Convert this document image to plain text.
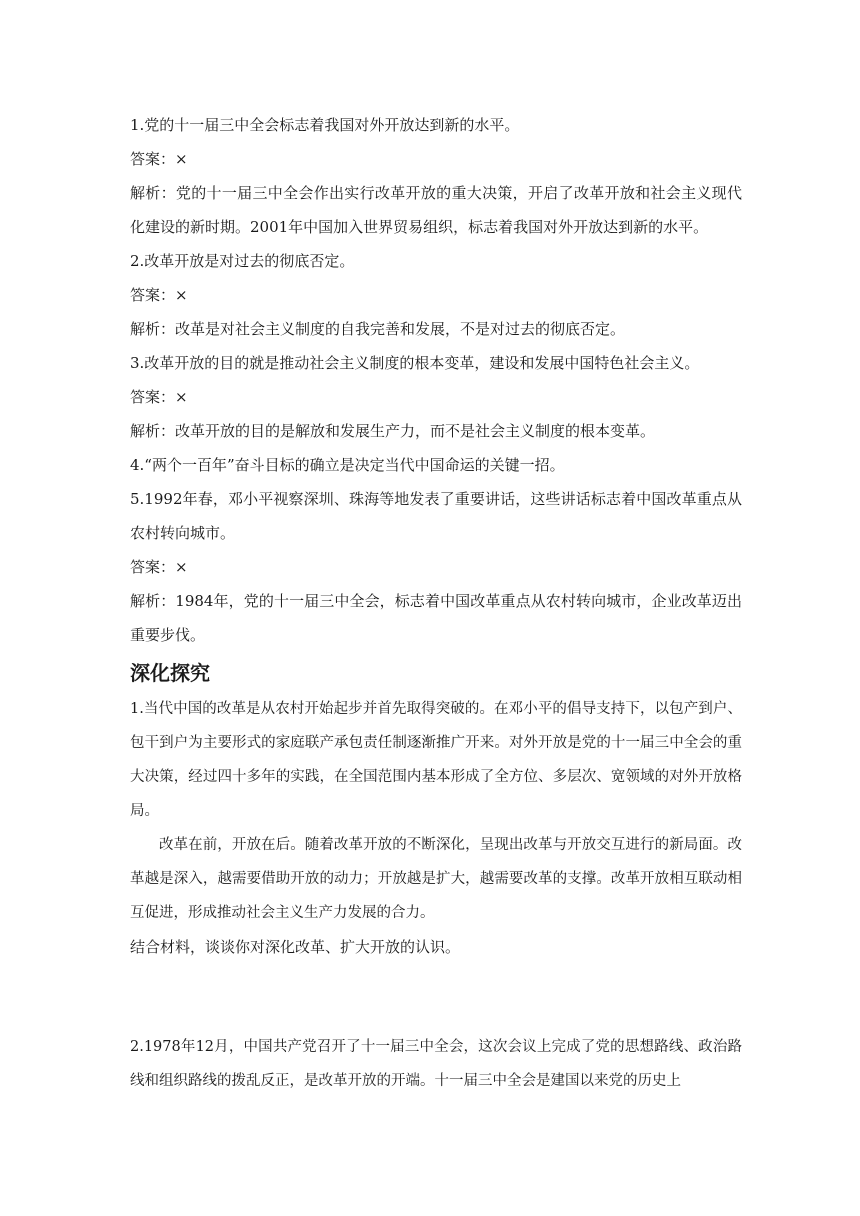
1.党的十一届三中全会标志着我国对外开放达到新的水平。
答案：×
解析：党的十一届三中全会作出实行改革开放的重大决策，开启了改革开放和社会主义现代化建设的新时期。2001年中国加入世界贸易组织，标志着我国对外开放达到新的水平。
2.改革开放是对过去的彻底否定。
答案：×
解析：改革是对社会主义制度的自我完善和发展，不是对过去的彻底否定。
3.改革开放的目的就是推动社会主义制度的根本变革，建设和发展中国特色社会主义。
答案：×
解析：改革开放的目的是解放和发展生产力，而不是社会主义制度的根本变革。
4.“两个一百年”奋斗目标的确立是决定当代中国命运的关键一招。
5.1992年春，邓小平视察深圳、珠海等地发表了重要讲话，这些讲话标志着中国改革重点从农村转向城市。
答案：×
解析：1984年，党的十一届三中全会，标志着中国改革重点从农村转向城市，企业改革迈出重要步伐。
深化探究
1.当代中国的改革是从农村开始起步并首先取得突破的。在邓小平的倡导支持下，以包产到户、包干到户为主要形式的家庭联产承包责任制逐渐推广开来。对外开放是党的十一届三中全会的重大决策，经过四十多年的实践，在全国范围内基本形成了全方位、多层次、宽领域的对外开放格局。
改革在前，开放在后。随着改革开放的不断深化，呈现出改革与开放交互进行的新局面。改革越是深入，越需要借助开放的动力；开放越是扩大，越需要改革的支撑。改革开放相互联动相互促进，形成推动社会主义生产力发展的合力。
结合材料，谈谈你对深化改革、扩大开放的认识。
2.1978年12月，中国共产党召开了十一届三中全会，这次会议上完成了党的思想路线、政治路线和组织路线的拨乱反正，是改革开放的开端。十一届三中全会是建国以来党的历史上
